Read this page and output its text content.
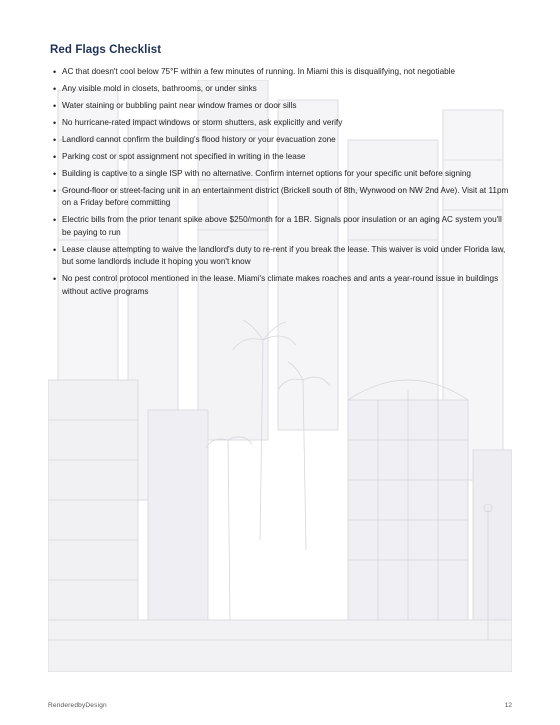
Red Flags Checklist
• AC that doesn't cool below 75°F within a few minutes of running. In Miami this is disqualifying, not negotiable
• Any visible mold in closets, bathrooms, or under sinks
• Water staining or bubbling paint near window frames or door sills
• No hurricane-rated impact windows or storm shutters, ask explicitly and verify
• Landlord cannot confirm the building's flood history or your evacuation zone
• Parking cost or spot assignment not specified in writing in the lease
• Building is captive to a single ISP with no alternative. Confirm internet options for your specific unit before signing
• Ground-floor or street-facing unit in an entertainment district (Brickell south of 8th, Wynwood on NW 2nd Ave). Visit at 11pm on a Friday before committing
• Electric bills from the prior tenant spike above $250/month for a 1BR. Signals poor insulation or an aging AC system you'll be paying to run
• Lease clause attempting to waive the landlord's duty to re-rent if you break the lease. This waiver is void under Florida law, but some landlords include it hoping you won't know
• No pest control protocol mentioned in the lease. Miami's climate makes roaches and ants a year-round issue in buildings without active programs
RenderedbyDesign	12
